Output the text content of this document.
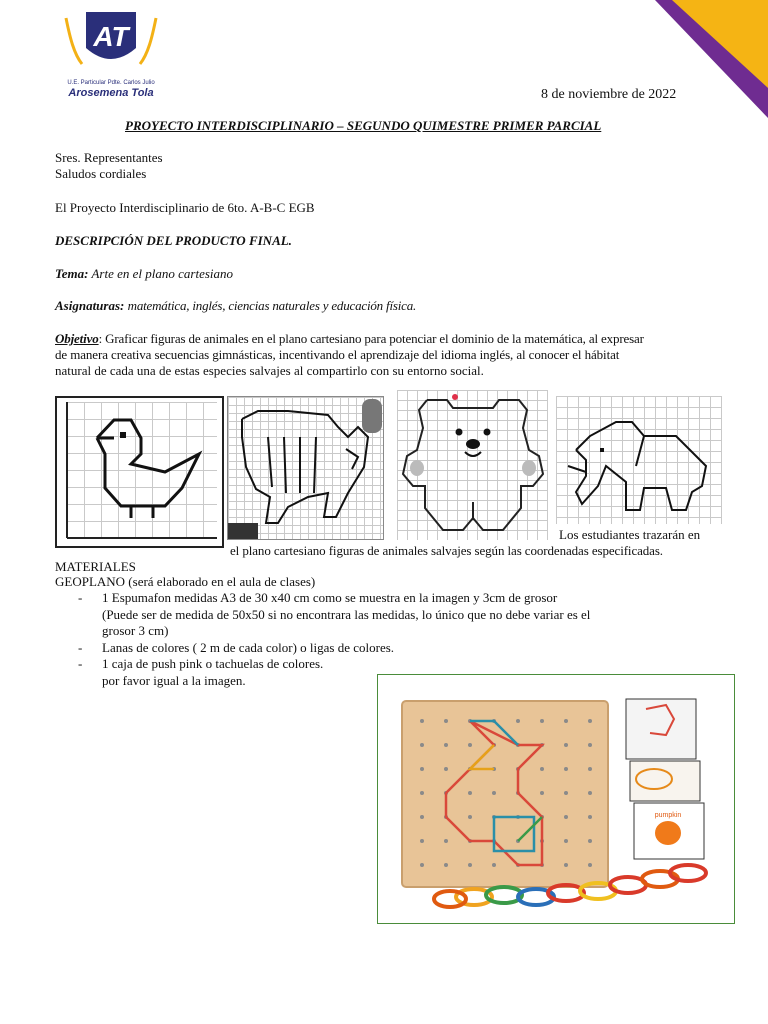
AT
U.E. Particular Pdte. Carlos Julio
Arosemena Tola	8 de noviembre de 2022
PROYECTO INTERDISCIPLINARIO – SEGUNDO QUIMESTRE PRIMER PARCIAL
Sres. Representantes
Saludos cordiales
El Proyecto Interdisciplinario de 6to. A-B-C EGB
DESCRIPCIÓN DEL PRODUCTO FINAL.
Tema: Arte en el plano cartesiano
Asignaturas: matemática, inglés, ciencias naturales y educación física.
Objetivo: Graficar figuras de animales en el plano cartesiano para potenciar el dominio de la matemática, al expresar
de manera creativa secuencias gimnásticas, incentivando el aprendizaje del idioma inglés, al conocer el hábitat
natural de cada una de estas especies salvajes al compartirlo con su entorno social.
Los estudiantes trazarán en
el plano cartesiano figuras de animales salvajes según las coordenadas especificadas.
MATERIALES
GEOPLANO (será elaborado en el aula de clases)
- 1 Espumafon medidas A3 de 30 x40 cm como se muestra en la imagen y 3cm de grosor
(Puede ser de medida de 50x50 si no encontrara las medidas, lo único que no debe variar es el
grosor 3 cm)
- Lanas de colores ( 2 m de cada color) o ligas de colores.
- 1 caja de push pink o tachuelas de colores.
por favor igual a la imagen.
pumpkin
